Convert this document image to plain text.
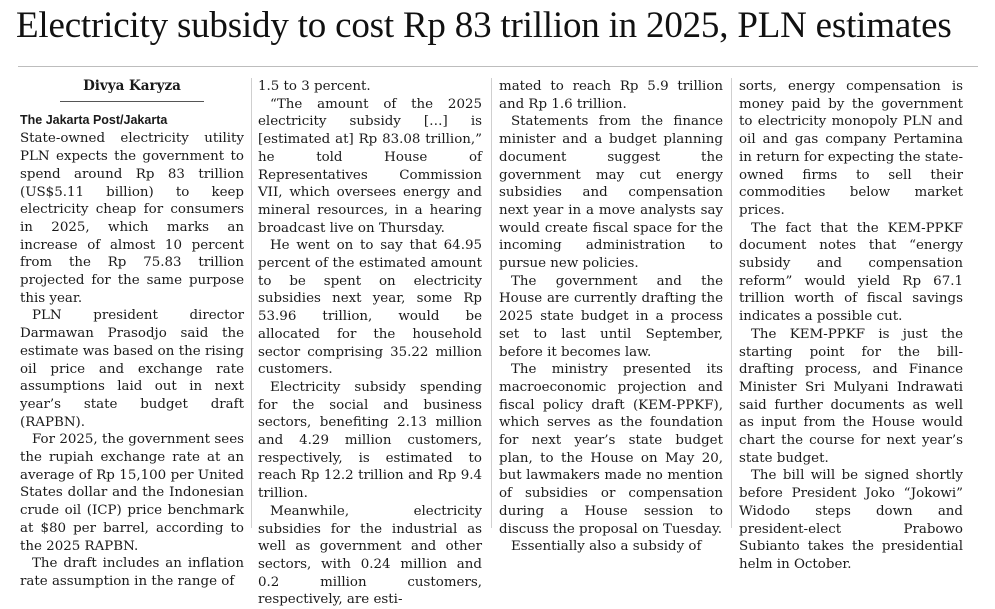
Electricity subsidy to cost Rp 83 trillion in 2025, PLN estimates
Divya Karyza
The Jakarta Post/Jakarta

State-owned electricity utility PLN expects the government to spend around Rp 83 trillion (US$5.11 billion) to keep electricity cheap for consumers in 2025, which marks an increase of almost 10 percent from the Rp 75.83 trillion projected for the same purpose this year.

PLN president director Darmawan Prasodjo said the estimate was based on the rising oil price and exchange rate assumptions laid out in next year’s state budget draft (RAPBN).

For 2025, the government sees the rupiah exchange rate at an average of Rp 15,100 per United States dollar and the Indonesian crude oil (ICP) price benchmark at $80 per barrel, according to the 2025 RAPBN.

The draft includes an inflation rate assumption in the range of

1.5 to 3 percent.

“The amount of the 2025 electricity subsidy […] is [estimated at] Rp 83.08 trillion,” he told House of Representatives Commission VII, which oversees energy and mineral resources, in a hearing broadcast live on Thursday.

He went on to say that 64.95 percent of the estimated amount to be spent on electricity subsidies next year, some Rp 53.96 trillion, would be allocated for the household sector comprising 35.22 million customers.

Electricity subsidy spending for the social and business sectors, benefiting 2.13 million and 4.29 million customers, respectively, is estimated to reach Rp 12.2 trillion and Rp 9.4 trillion.

Meanwhile, electricity subsidies for the industrial as well as government and other sectors, with 0.24 million and 0.2 million customers, respectively, are esti-

mated to reach Rp 5.9 trillion and Rp 1.6 trillion.

Statements from the finance minister and a budget planning document suggest the government may cut energy subsidies and compensation next year in a move analysts say would create fiscal space for the incoming administration to pursue new policies.

The government and the House are currently drafting the 2025 state budget in a process set to last until September, before it becomes law.

The ministry presented its macroeconomic projection and fiscal policy draft (KEM-PPKF), which serves as the foundation for next year’s state budget plan, to the House on May 20, but lawmakers made no mention of subsidies or compensation during a House session to discuss the proposal on Tuesday.

Essentially also a subsidy of

sorts, energy compensation is money paid by the government to electricity monopoly PLN and oil and gas company Pertamina in return for expecting the state-owned firms to sell their commodities below market prices.

The fact that the KEM-PPKF document notes that “energy subsidy and compensation reform” would yield Rp 67.1 trillion worth of fiscal savings indicates a possible cut.

The KEM-PPKF is just the starting point for the bill-drafting process, and Finance Minister Sri Mulyani Indrawati said further documents as well as input from the House would chart the course for next year’s state budget.

The bill will be signed shortly before President Joko “Jokowi” Widodo steps down and president-elect Prabowo Subianto takes the presidential helm in October.
